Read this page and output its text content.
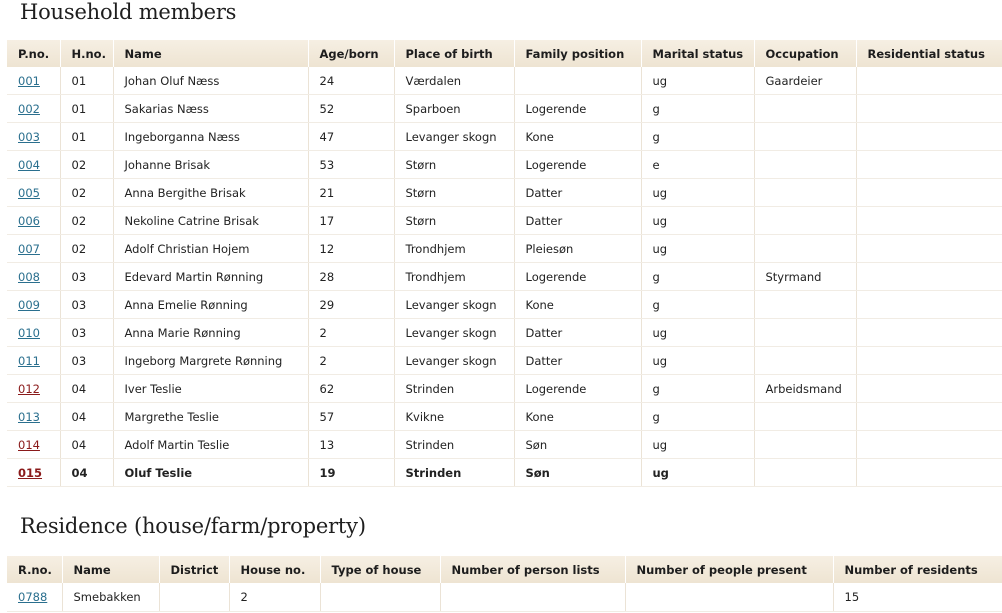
Household members
P.no.	H.no.	Name	Age/born	Place of birth	Family position	Marital status	Occupation	Residential status
001	01	Johan Oluf Næss	24	Værdalen		ug	Gaardeier	
002	01	Sakarias Næss	52	Sparboen	Logerende	g		
003	01	Ingeborganna Næss	47	Levanger skogn	Kone	g		
004	02	Johanne Brisak	53	Størn	Logerende	e		
005	02	Anna Bergithe Brisak	21	Størn	Datter	ug		
006	02	Nekoline Catrine Brisak	17	Størn	Datter	ug		
007	02	Adolf Christian Hojem	12	Trondhjem	Pleiesøn	ug		
008	03	Edevard Martin Rønning	28	Trondhjem	Logerende	g	Styrmand	
009	03	Anna Emelie Rønning	29	Levanger skogn	Kone	g		
010	03	Anna Marie Rønning	2	Levanger skogn	Datter	ug		
011	03	Ingeborg Margrete Rønning	2	Levanger skogn	Datter	ug		
012	04	Iver Teslie	62	Strinden	Logerende	g	Arbeidsmand	
013	04	Margrethe Teslie	57	Kvikne	Kone	g		
014	04	Adolf Martin Teslie	13	Strinden	Søn	ug		
015	04	Oluf Teslie	19	Strinden	Søn	ug		
Residence (house/farm/property)
R.no.	Name	District	House no.	Type of house	Number of person lists	Number of people present	Number of residents
0788	Smebakken		2				15
